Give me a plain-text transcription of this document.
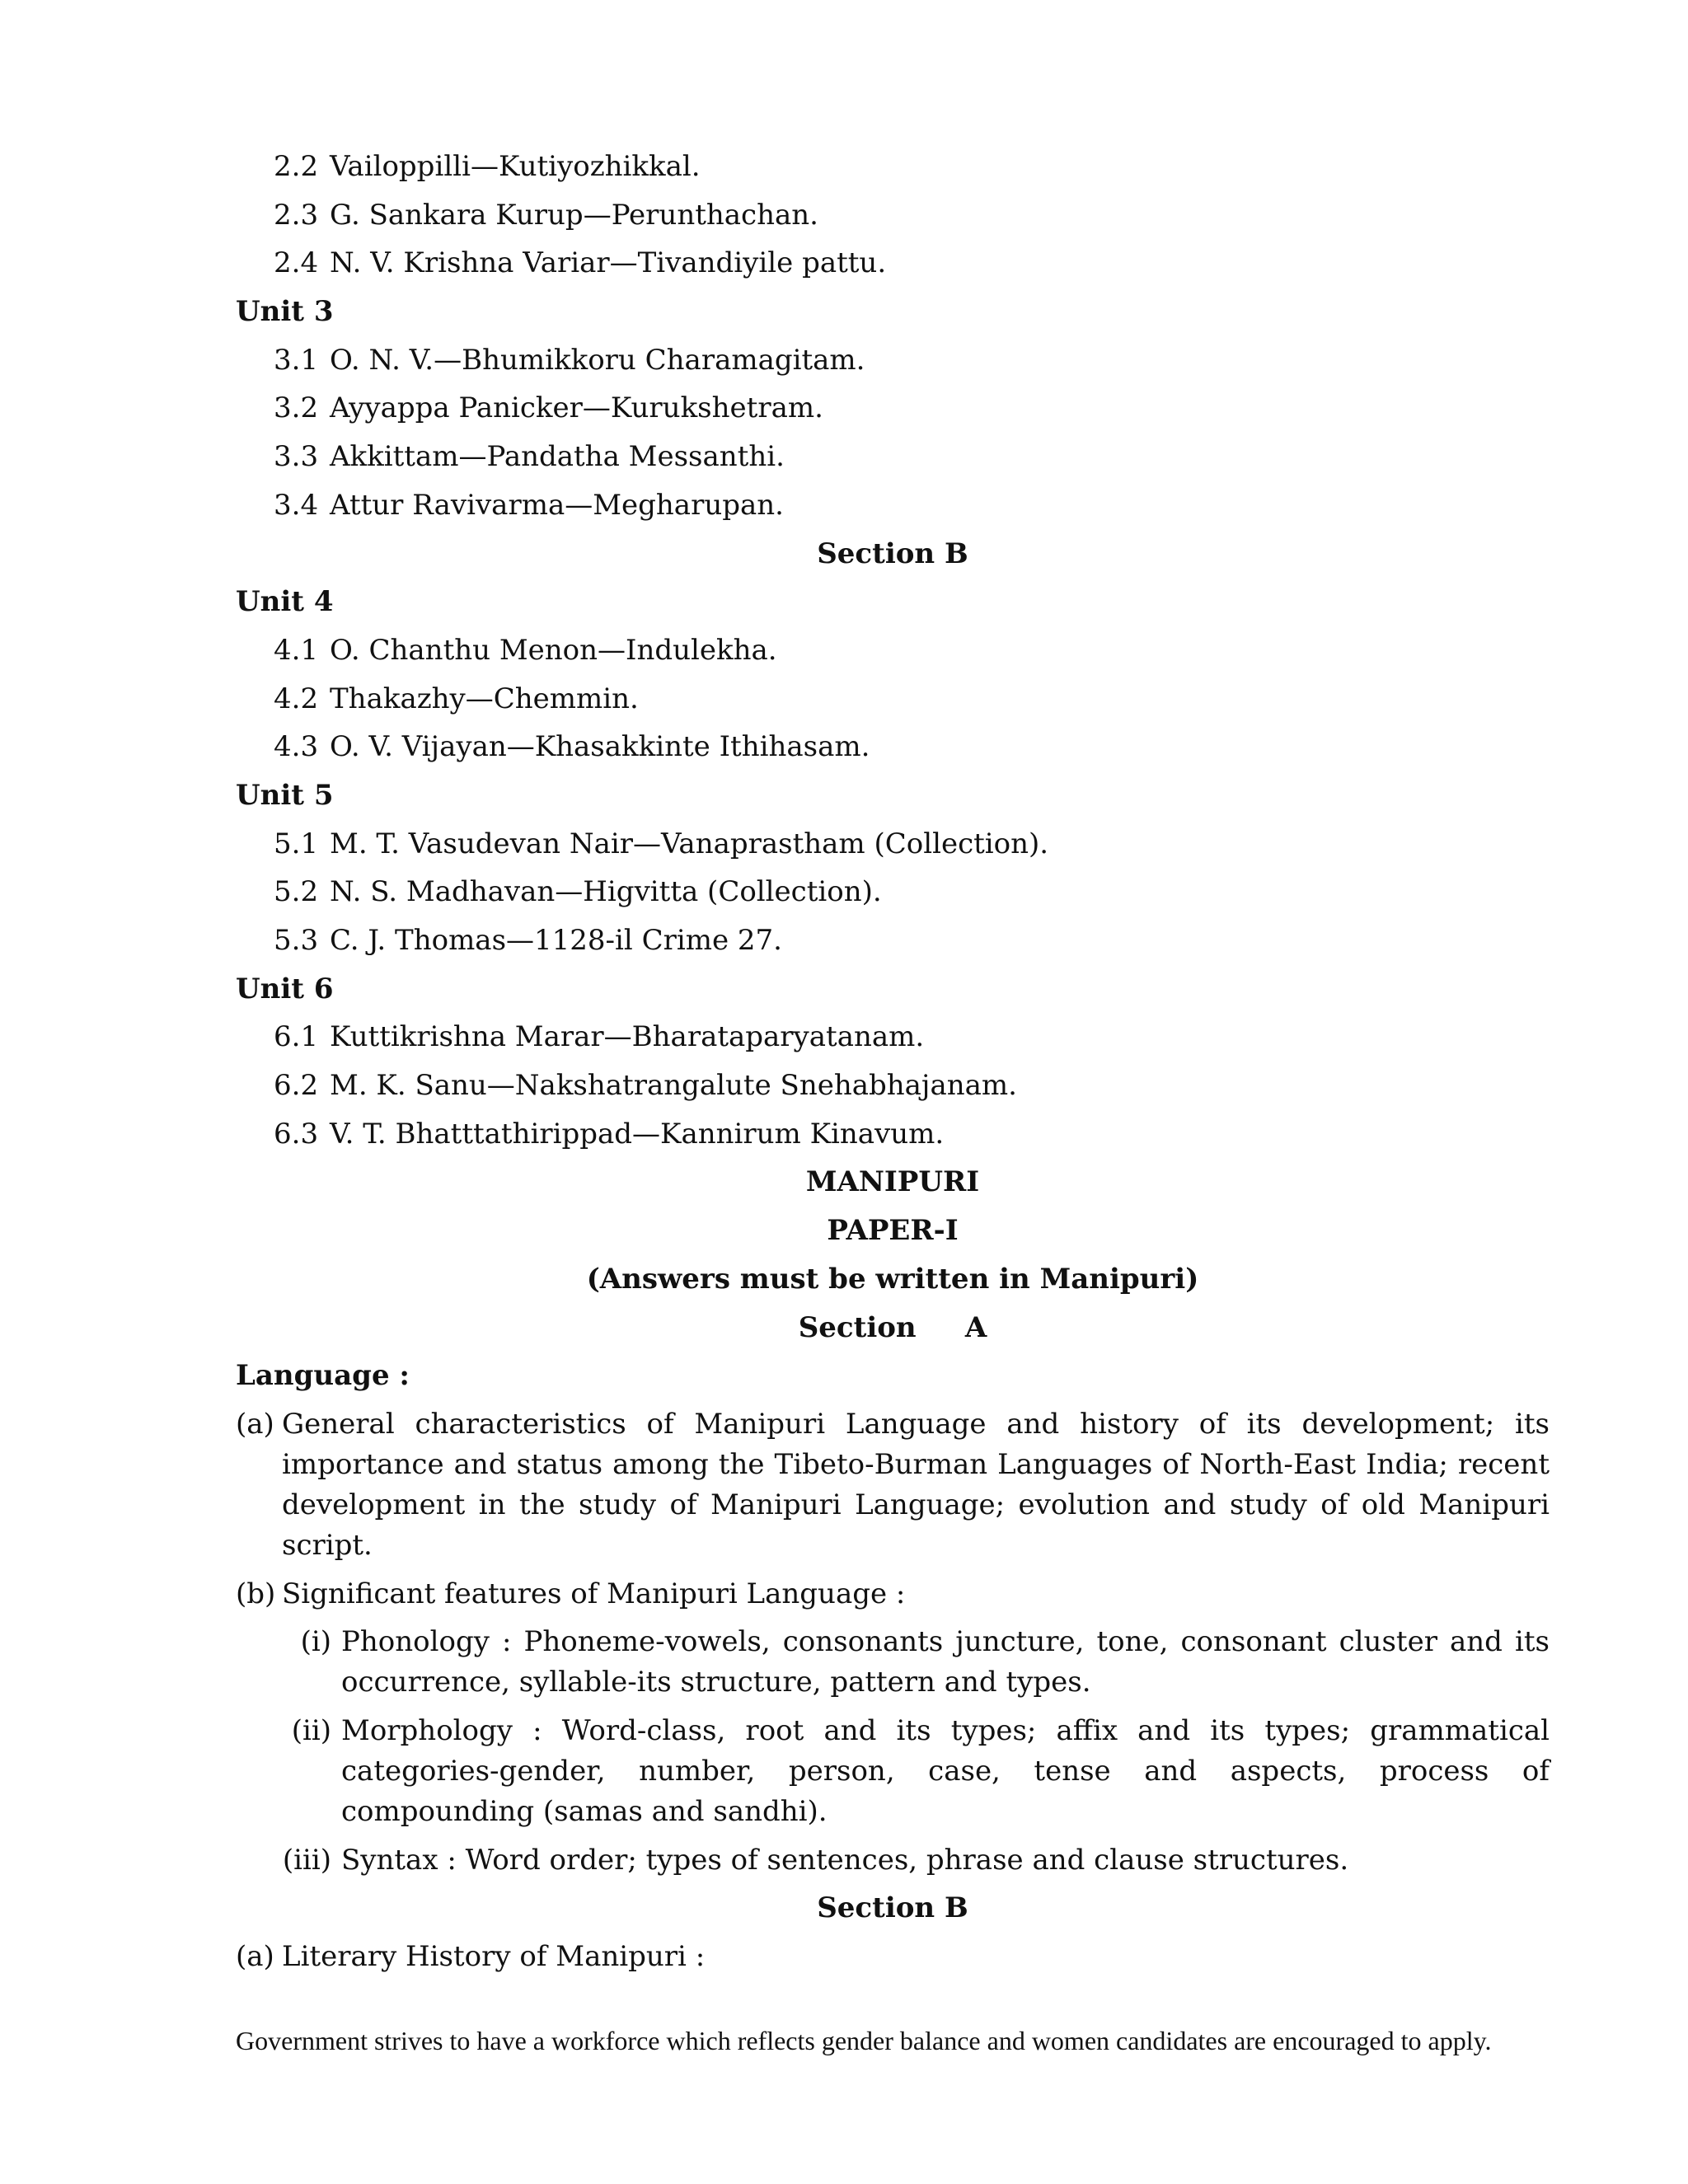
2.2 Vailoppilli—Kutiyozhikkal.
2.3 G. Sankara Kurup—Perunthachan.
2.4 N. V. Krishna Variar—Tivandiyile pattu.
Unit 3
3.1 O. N. V.—Bhumikkoru Charamagitam.
3.2 Ayyappa Panicker—Kurukshetram.
3.3 Akkittam—Pandatha Messanthi.
3.4 Attur Ravivarma—Megharupan.
Section B
Unit 4
4.1 O. Chanthu Menon—Indulekha.
4.2 Thakazhy—Chemmin.
4.3 O. V. Vijayan—Khasakkinte Ithihasam.
Unit 5
5.1 M. T. Vasudevan Nair—Vanaprastham (Collection).
5.2 N. S. Madhavan—Higvitta (Collection).
5.3 C. J. Thomas—1128-il Crime 27.
Unit 6
6.1 Kuttikrishna Marar—Bharataparyatanam.
6.2 M. K. Sanu—Nakshatrangalute Snehabhajanam.
6.3 V. T. Bhatttathirippad—Kannirum Kinavum.
MANIPURI
PAPER-I
(Answers must be written in Manipuri)
Section     A
Language :
(a) General characteristics of Manipuri Language and history of its development; its importance and status among the Tibeto-Burman Languages of North-East India; recent development in the study of Manipuri Language; evolution and study of old Manipuri script.
(b) Significant features of Manipuri Language :
(i) Phonology : Phoneme-vowels, consonants juncture, tone, consonant cluster and its occurrence, syllable-its structure, pattern and types.
(ii) Morphology : Word-class, root and its types; affix and its types; grammatical categories-gender, number, person, case, tense and aspects, process of compounding (samas and sandhi).
(iii) Syntax : Word order; types of sentences, phrase and clause structures.
Section B
(a) Literary History of Manipuri :
Government strives to have a workforce which reflects gender balance and women candidates are encouraged to apply.
